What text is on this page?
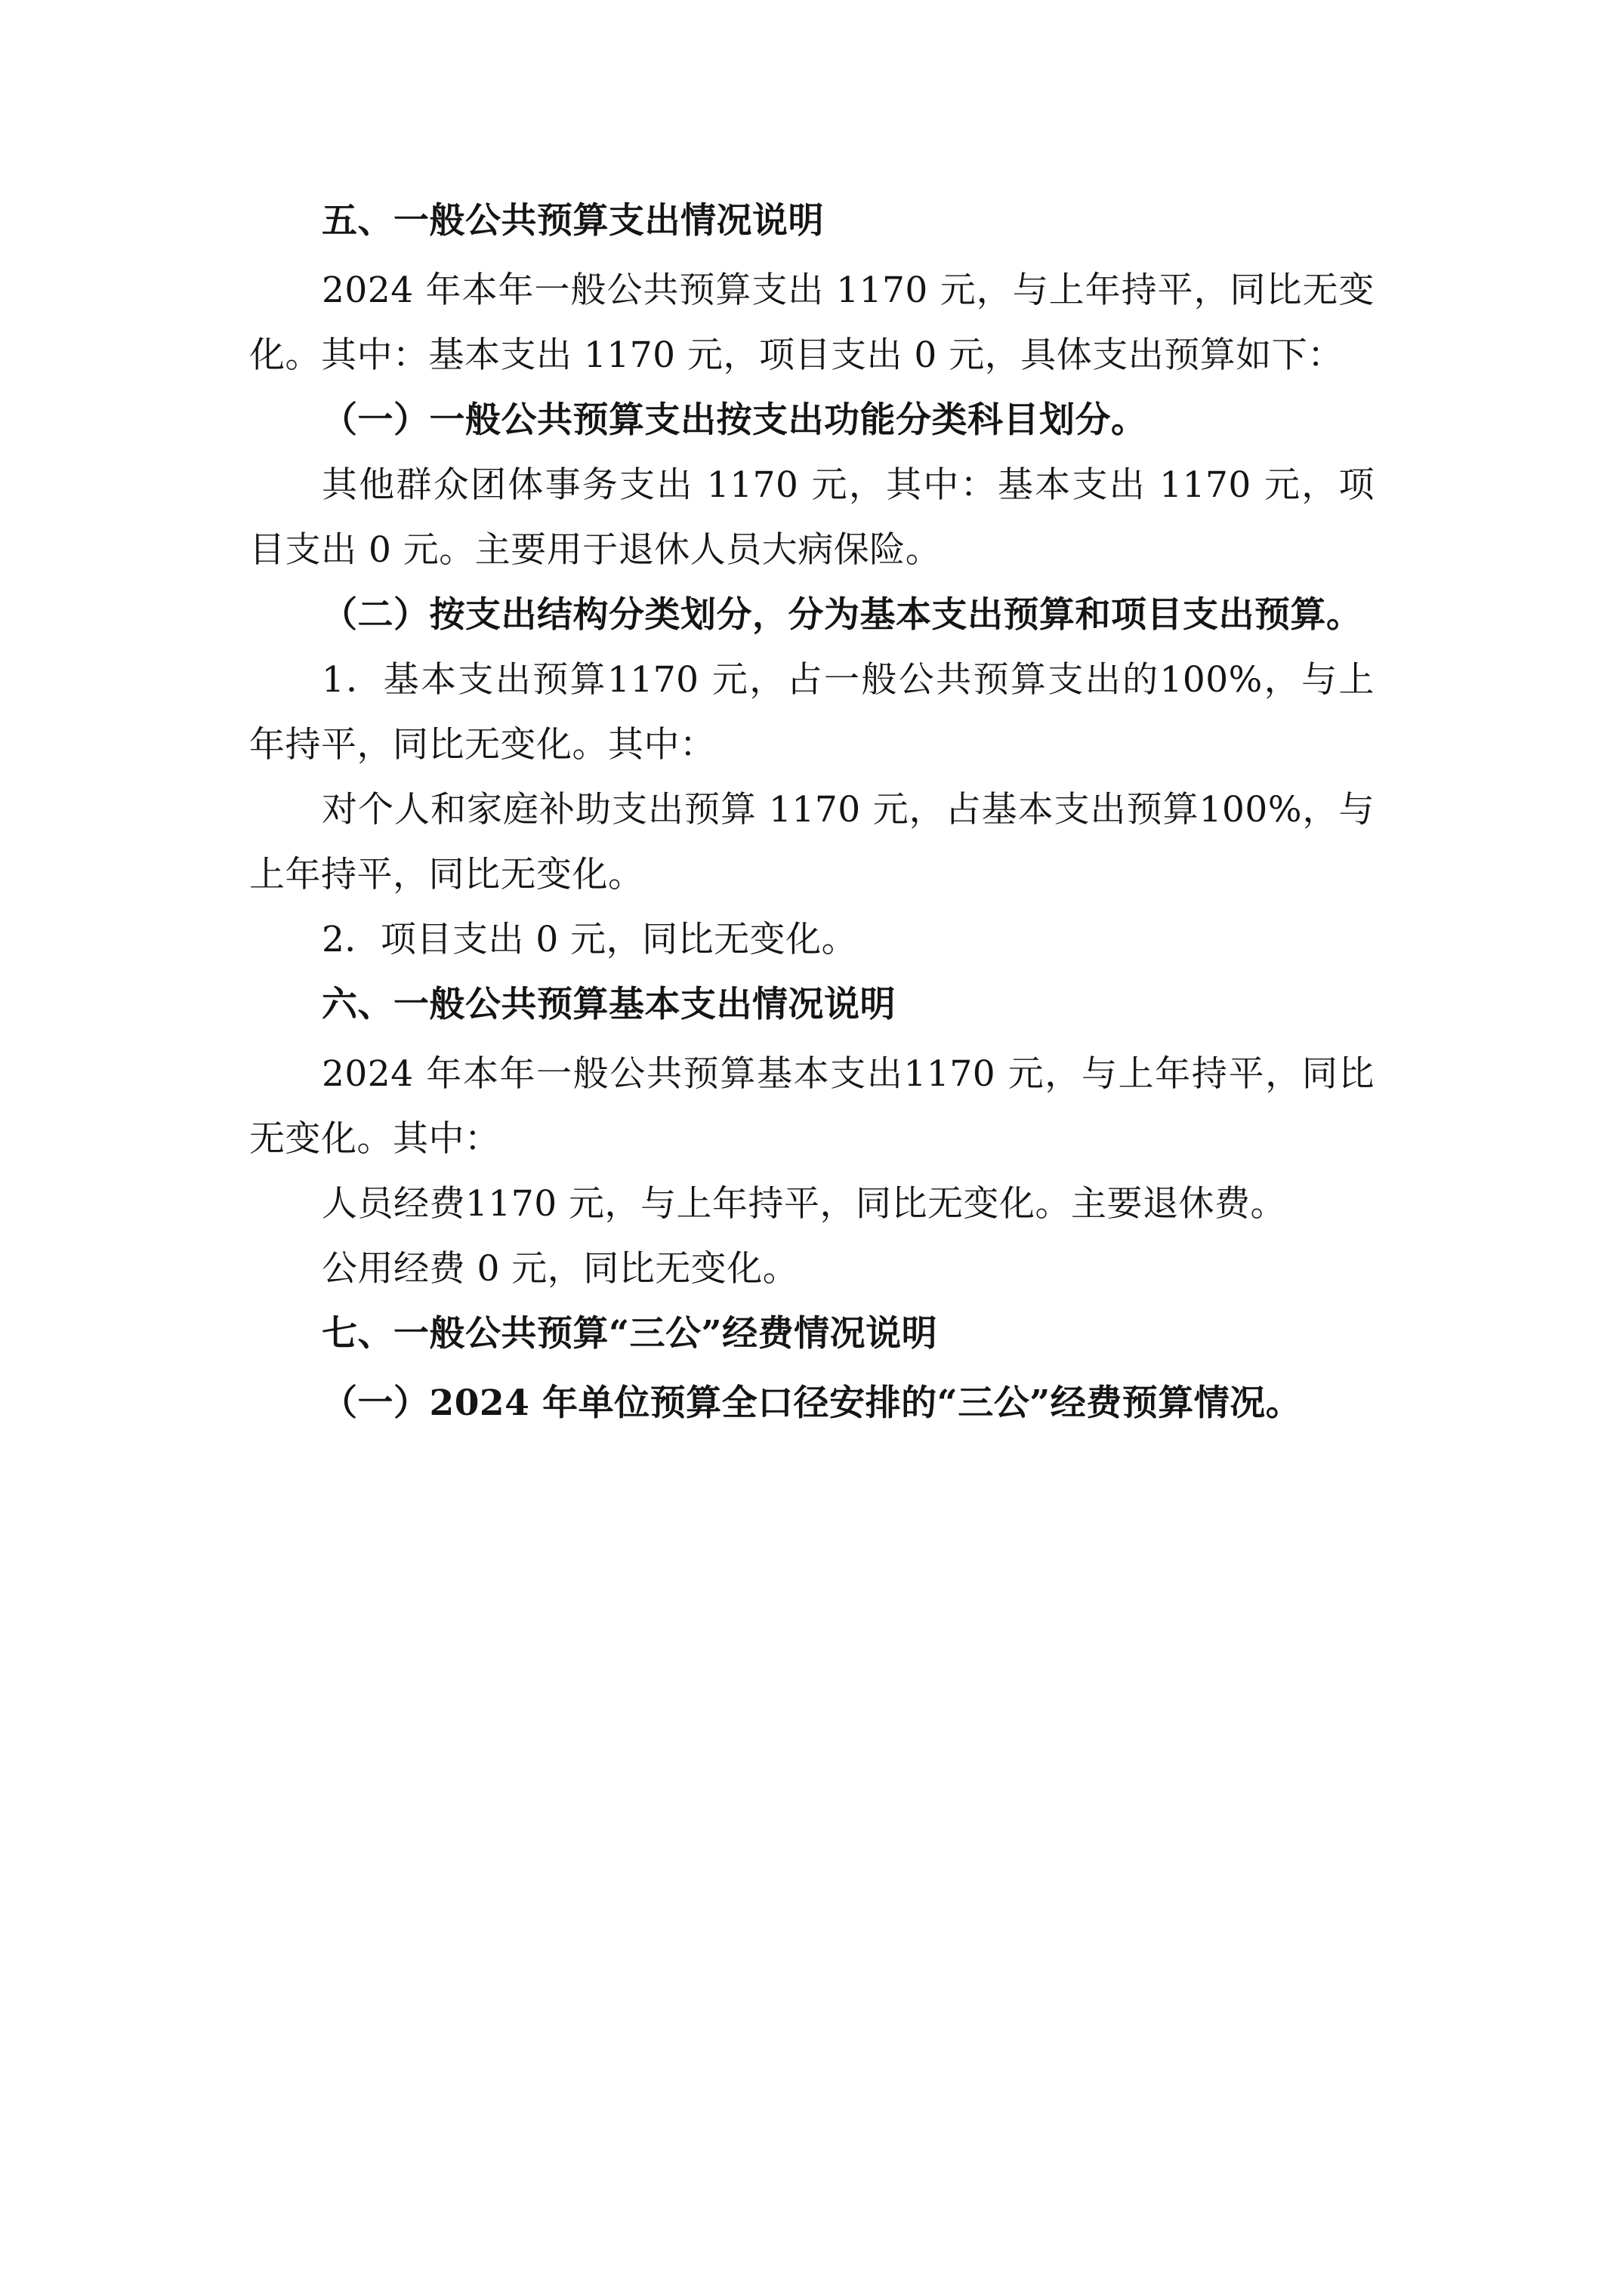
五、一般公共预算支出情况说明

2024 年本年一般公共预算支出 1170 元，与上年持平，同比无变化。其中：基本支出 1170 元，项目支出 0 元，具体支出预算如下：

（一）一般公共预算支出按支出功能分类科目划分。

其他群众团体事务支出 1170 元，其中：基本支出 1170 元，项目支出 0 元。主要用于退休人员大病保险。

（二）按支出结构分类划分，分为基本支出预算和项目支出预算。

1．基本支出预算1170 元，占一般公共预算支出的100%，与上年持平，同比无变化。其中：

对个人和家庭补助支出预算 1170 元，占基本支出预算100%，与上年持平，同比无变化。

2．项目支出 0 元，同比无变化。

六、一般公共预算基本支出情况说明

2024 年本年一般公共预算基本支出1170 元，与上年持平，同比无变化。其中：

人员经费1170 元，与上年持平，同比无变化。主要退休费。

公用经费 0 元，同比无变化。

七、一般公共预算“三公”经费情况说明

（一）2024 年单位预算全口径安排的“三公”经费预算情况。
